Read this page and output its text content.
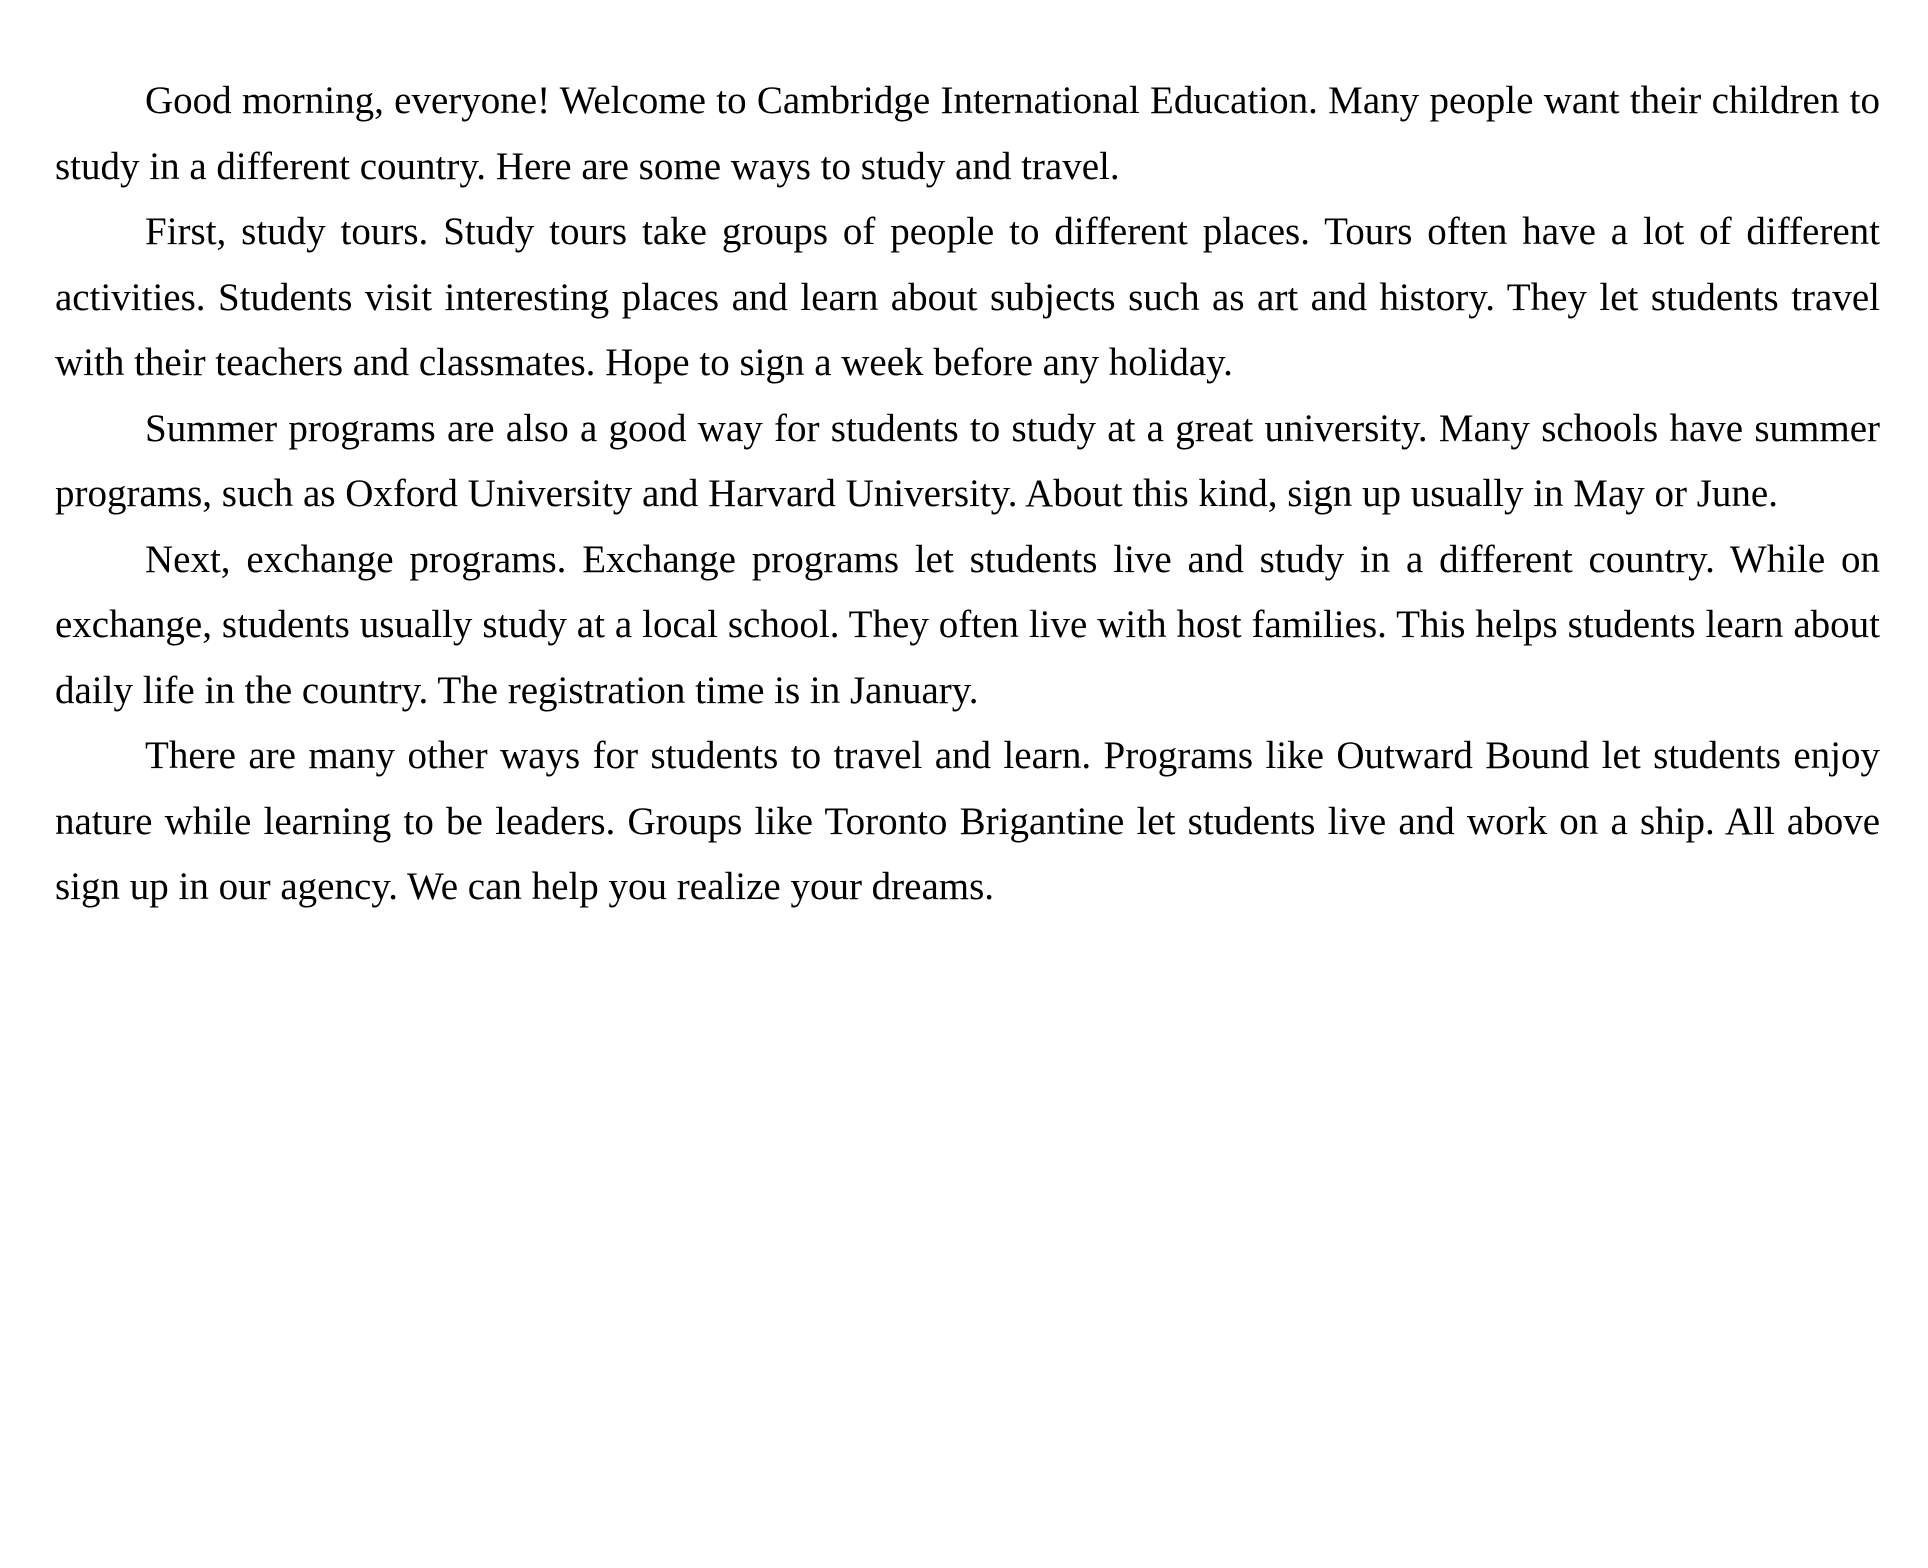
Good morning, everyone! Welcome to Cambridge International Education. Many people want their children to study in a different country. Here are some ways to study and travel.

First, study tours. Study tours take groups of people to different places. Tours often have a lot of different activities. Students visit interesting places and learn about subjects such as art and history. They let students travel with their teachers and classmates. Hope to sign a week before any holiday.

Summer programs are also a good way for students to study at a great university. Many schools have summer programs, such as Oxford University and Harvard University. About this kind, sign up usually in May or June.

Next, exchange programs. Exchange programs let students live and study in a different country. While on exchange, students usually study at a local school. They often live with host families. This helps students learn about daily life in the country. The registration time is in January.

There are many other ways for students to travel and learn. Programs like Outward Bound let students enjoy nature while learning to be leaders. Groups like Toronto Brigantine let students live and work on a ship. All above sign up in our agency. We can help you realize your dreams.
